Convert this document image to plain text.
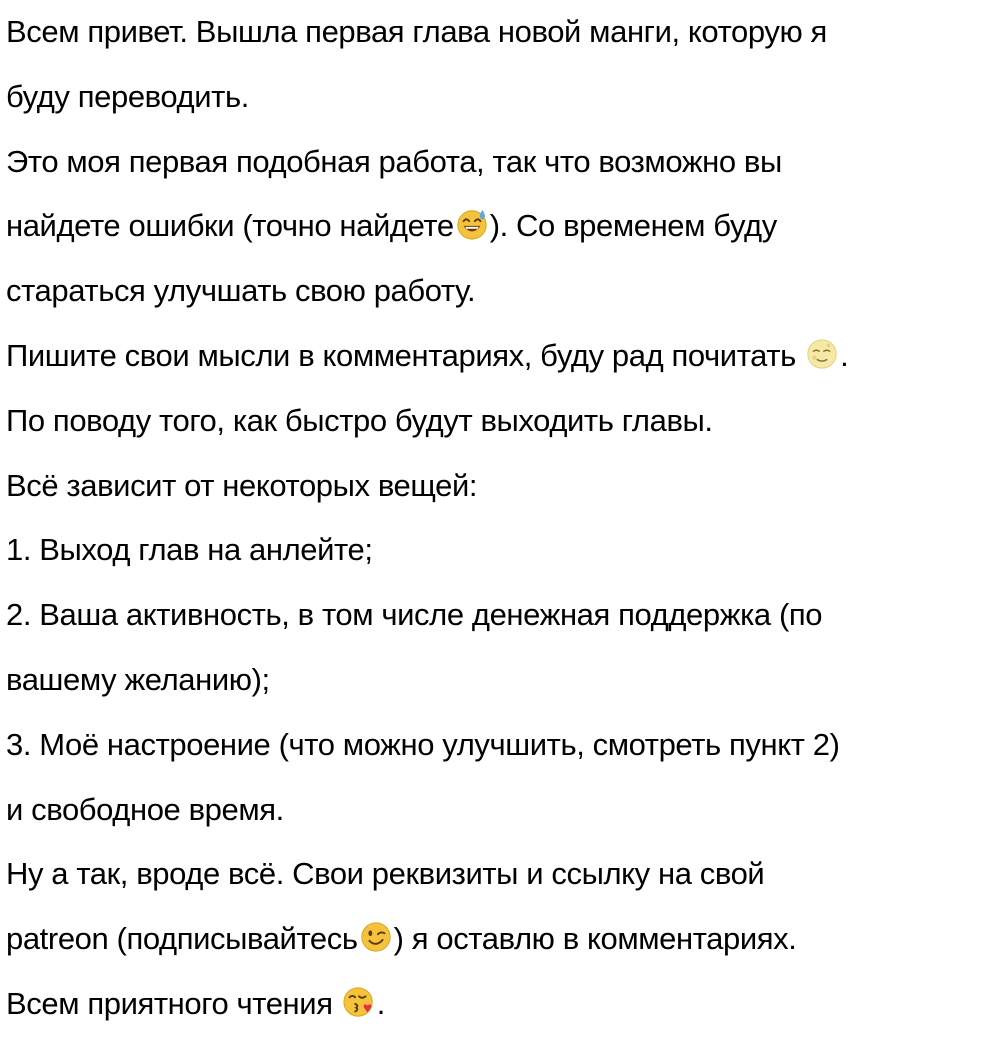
Всем привет. Вышла первая глава новой манги, которую я
буду переводить.
Это моя первая подобная работа, так что возможно вы
найдете ошибки (точно найдете ). Со временем буду
стараться улучшать свою работу.
Пишите свои мысли в комментариях, буду рад почитать
.
По поводу того, как быстро будут выходить главы.
Всё зависит от некоторых вещей:
1. Выход глав на анлейте;
2. Ваша активность, в том числе денежная поддержка (по
вашему желанию);
3. Моё настроение (что можно улучшить, смотреть пункт 2)
и свободное время.
Ну а так, вроде всё. Свои реквизиты и ссылку на свой
patreon (подписывайтесь ) я оставлю в комментариях.
Всем приятного чтения
.
